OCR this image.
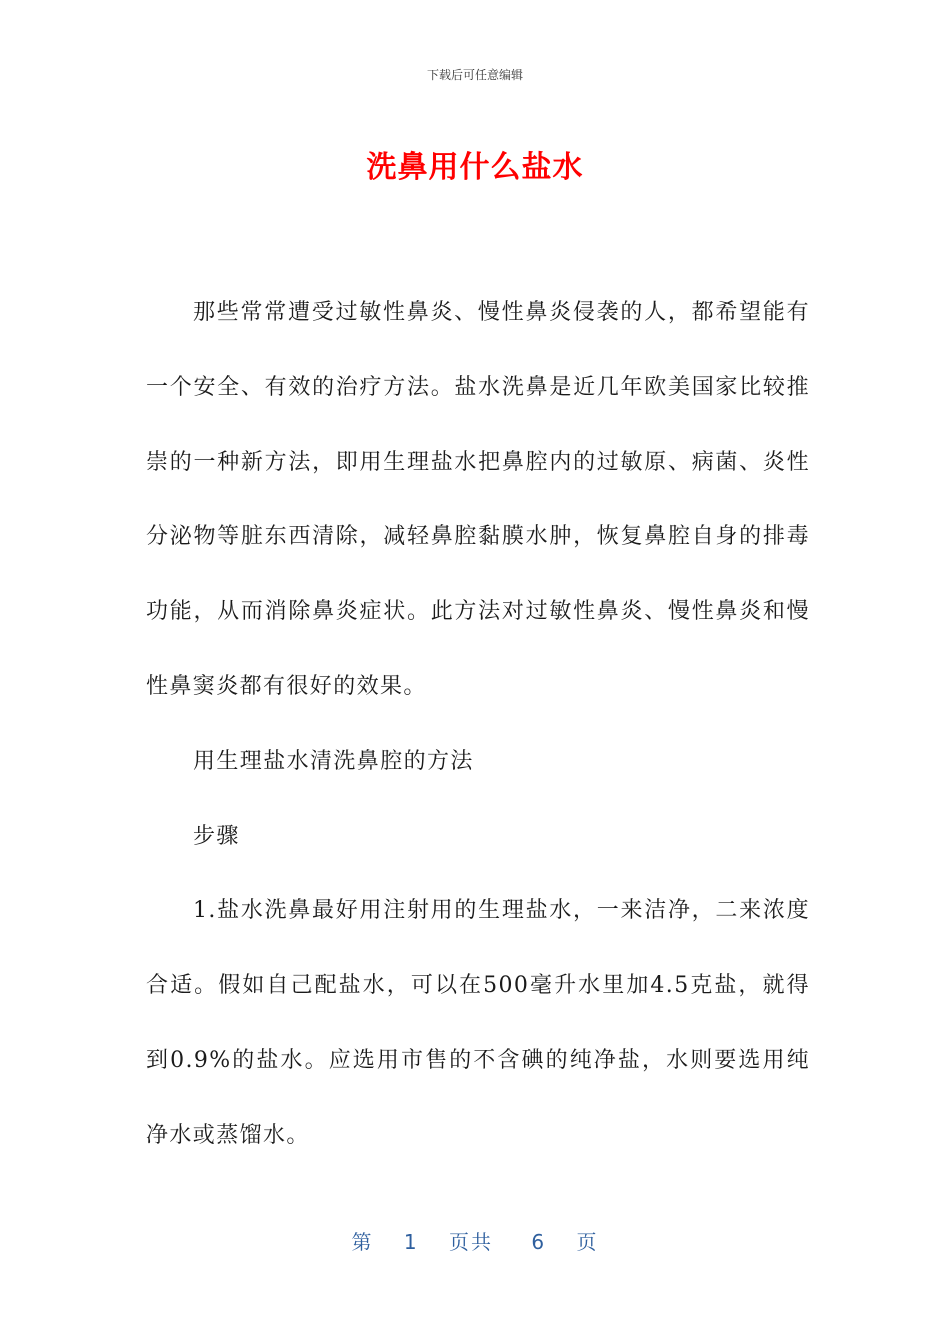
下载后可任意编辑
洗鼻用什么盐水

那些常常遭受过敏性鼻炎、慢性鼻炎侵袭的人，都希望能有一个安全、有效的治疗方法。盐水洗鼻是近几年欧美国家比较推崇的一种新方法，即用生理盐水把鼻腔内的过敏原、病菌、炎性分泌物等脏东西清除，减轻鼻腔黏膜水肿，恢复鼻腔自身的排毒功能，从而消除鼻炎症状。此方法对过敏性鼻炎、慢性鼻炎和慢性鼻窦炎都有很好的效果。

用生理盐水清洗鼻腔的方法

步骤

1.盐水洗鼻最好用注射用的生理盐水，一来洁净，二来浓度合适。假如自己配盐水，可以在500毫升水里加4.5克盐，就得到0.9%的盐水。应选用市售的不含碘的纯净盐，水则要选用纯净水或蒸馏水。

第 1 页共 6 页
